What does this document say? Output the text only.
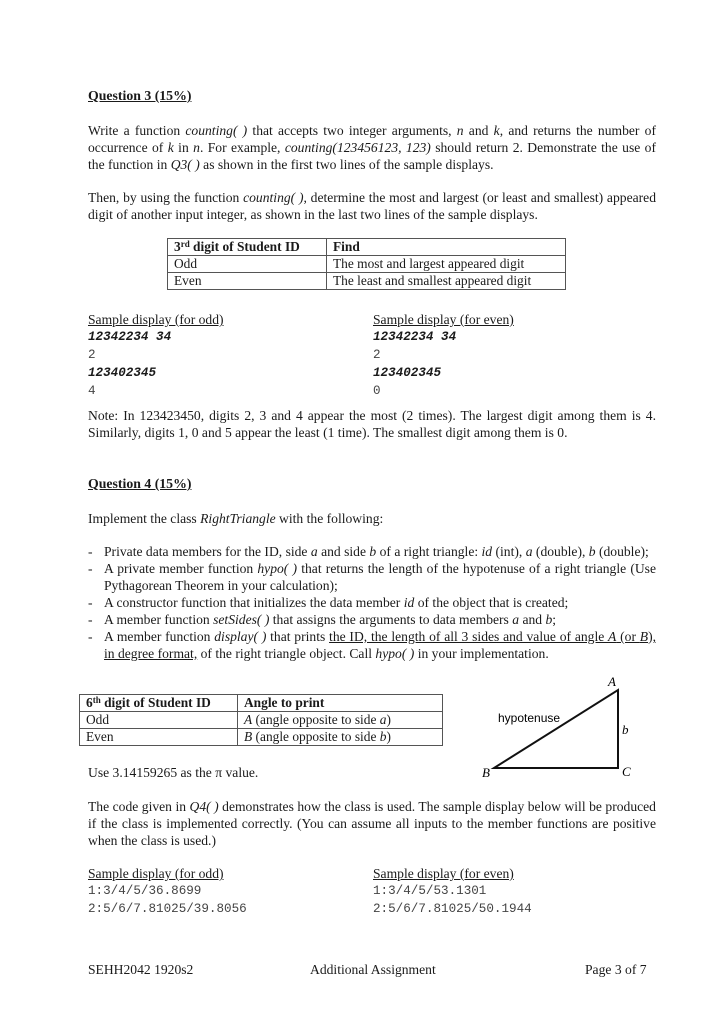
Question 3 (15%)

Write a function counting( ) that accepts two integer arguments, n and k, and returns the number of occurrence of k in n. For example, counting(123456123, 123) should return 2. Demonstrate the use of the function in Q3( ) as shown in the first two lines of the sample displays.

Then, by using the function counting( ), determine the most and largest (or least and smallest) appeared digit of another input integer, as shown in the last two lines of the sample displays.

3rd digit of Student ID	Find
Odd	The most and largest appeared digit
Even	The least and smallest appeared digit
Sample display (for odd)
12342234 34
2
123402345
4
Sample display (for even)
12342234 34
2
123402345
0

Note: In 123423450, digits 2, 3 and 4 appear the most (2 times). The largest digit among them is 4. Similarly, digits 1, 0 and 5 appear the least (1 time). The smallest digit among them is 0.

Question 4 (15%)

Implement the class RightTriangle with the following:

- Private data members for the ID, side a and side b of a right triangle: id (int), a (double), b (double);
- A private member function hypo( ) that returns the length of the hypotenuse of a right triangle (Use Pythagorean Theorem in your calculation);
- A constructor function that initializes the data member id of the object that is created;
- A member function setSides( ) that assigns the arguments to data members a and b;
- A member function display( ) that prints the ID, the length of all 3 sides and value of angle A (or B), in degree format, of the right triangle object. Call hypo( ) in your implementation.
6th digit of Student ID	Angle to print
Odd	A (angle opposite to side a)
Even	B (angle opposite to side b)
Use 3.14159265 as the π value.
A
B	C
b
hypotenuse

The code given in Q4( ) demonstrates how the class is used. The sample display below will be produced if the class is implemented correctly. (You can assume all inputs to the member functions are positive when the class is used.)

Sample display (for odd)
1:3/4/5/36.8699
2:5/6/7.81025/39.8056
Sample display (for even)
1:3/4/5/53.1301
2:5/6/7.81025/50.1944
SEHH2042 1920s2	Additional Assignment	Page 3 of 7
